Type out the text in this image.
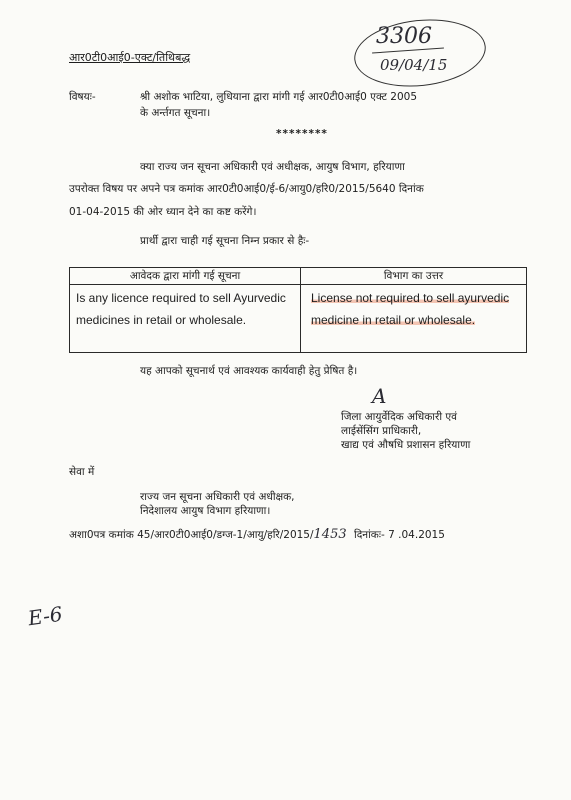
3306
09/04/15
आर0टी0आई0-एक्ट/तिथिबद्ध
विषयः-	श्री अशोक भाटिया, लुधियाना द्वारा मांगी गई आर0टी0आई0 एक्ट 2005
के अर्न्तगत सूचना।
********
क्या राज्य जन सूचना अधिकारी एवं अधीक्षक, आयुष विभाग, हरियाणा
उपरोक्त विषय पर अपने पत्र कमांक आर0टी0आई0/ई-6/आयु0/हरि0/2015/5640 दिनांक
01-04-2015 की ओर ध्यान देने का कष्ट करेंगे।
प्रार्थी द्वारा चाही गई सूचना निम्न प्रकार से हैः-
आवेदक द्वारा मांगी गई सूचना	विभाग का उत्तर
Is any licence required to sell Ayurvedic medicines in retail or wholesale.
License not required to sell ayurvedic medicine in retail or wholesale.
यह आपको सूचनार्थ एवं आवश्यक कार्यवाही हेतु प्रेषित है।
A
जिला आयुर्वेदिक अधिकारी एवं
लाईसेंसिंग प्राधिकारी,
खाद्य एवं औषधि प्रशासन हरियाणा
सेवा में
राज्य जन सूचना अधिकारी एवं अधीक्षक,
निदेशालय आयुष विभाग हरियाणा।
अशा0पत्र कमांक 45/आर0टी0आई0/डग्ज-1/आयु/हरि/2015/1453 दिनांकः- 7 .04.2015
E-6
